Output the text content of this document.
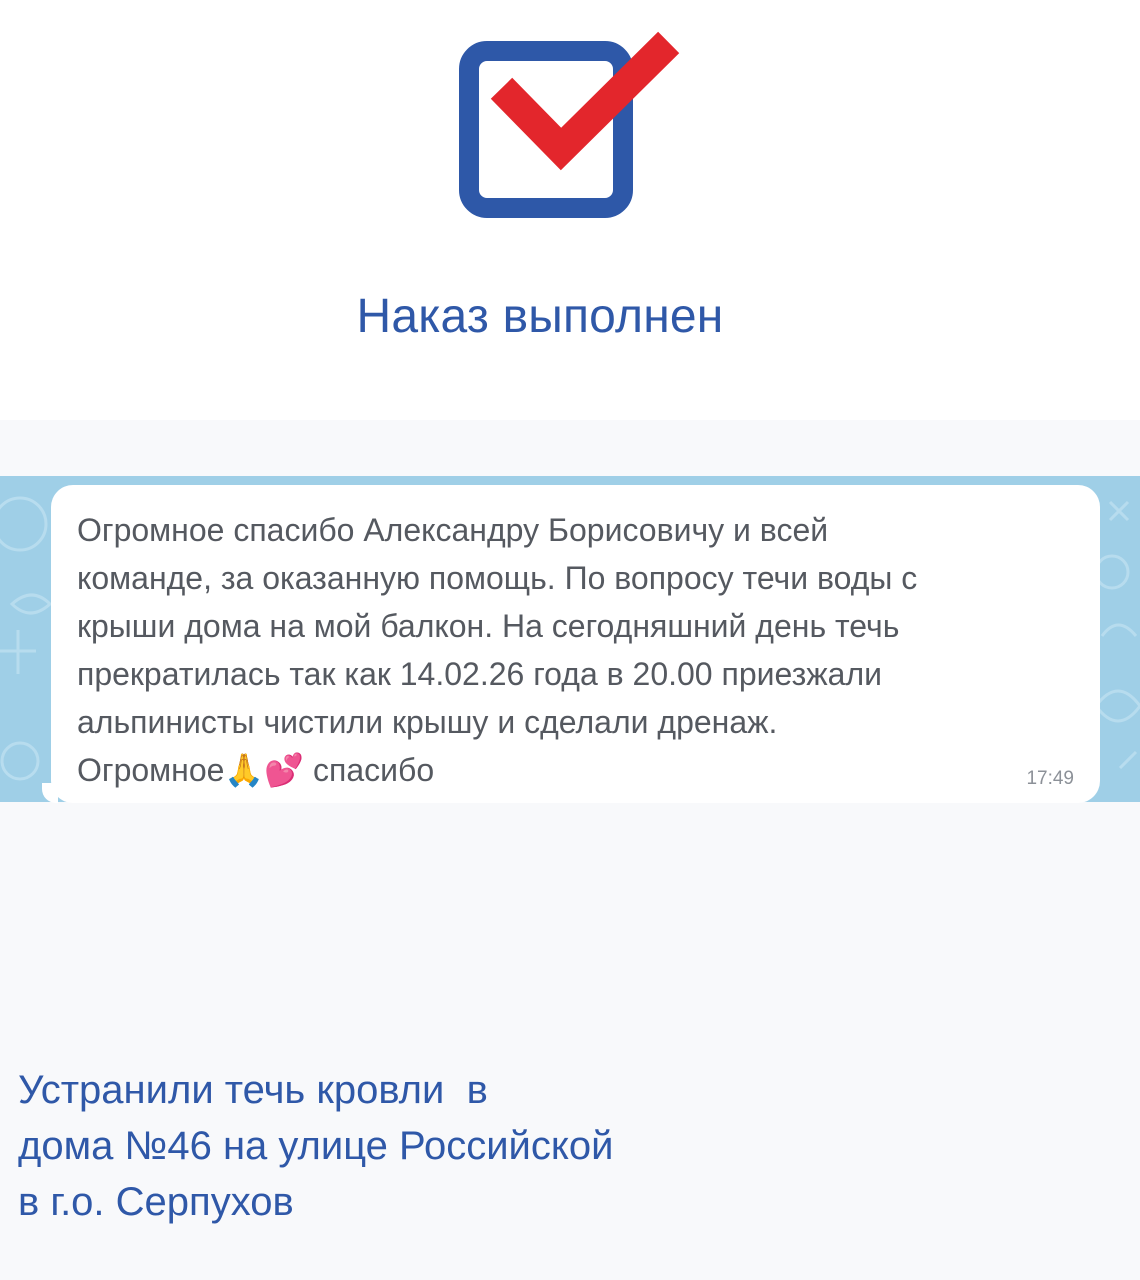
Наказ выполнен

Огромное спасибо Александру Борисовичу и всей
команде, за оказанную помощь. По вопросу течи воды с
крыши дома на мой балкон. На сегодняшний день течь
прекратилась так как 14.02.26 года в 20.00 приезжали
альпинисты чистили крышу и сделали дренаж.
Огромное🙏💕 спасибо	17:49
Устранили течь кровли  в
дома №46 на улице Российской
в г.о. Серпухов
